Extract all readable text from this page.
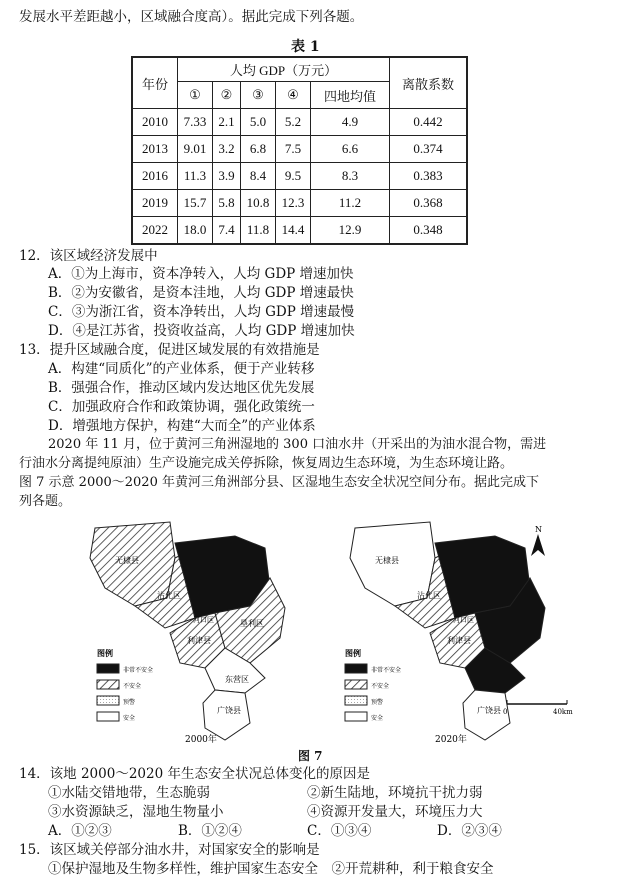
发展水平差距越小，区域融合度高）。据此完成下列各题。
表 1
年份	人均 GDP（万元）					离散系数
	①	②	③	④	四地均值	
2010	7.33	2.1	5.0	5.2	4.9	0.442
2013	9.01	3.2	6.8	7.5	6.6	0.374
2016	11.3	3.9	8.4	9.5	8.3	0.383
2019	15.7	5.8	10.8	12.3	11.2	0.368
2022	18.0	7.4	11.8	14.4	12.9	0.348
12．该区域经济发展中
A．①为上海市，资本净转入，人均 GDP 增速加快
B．②为安徽省，是资本洼地，人均 GDP 增速最快
C．③为浙江省，资本净转出，人均 GDP 增速最慢
D．④是江苏省，投资收益高，人均 GDP 增速加快
13．提升区域融合度，促进区域发展的有效措施是
A．构建“同质化”的产业体系，便于产业转移
B．强强合作，推动区域内发达地区优先发展
C．加强政府合作和政策协调，强化政策统一
D．增强地方保护，构建“大而全”的产业体系
2020 年 11 月，位于黄河三角洲湿地的 300 口油水井（开采出的为油水混合物，需进
行油水分离提纯原油）生产设施完成关停拆除，恢复周边生态环境，为生态环境让路。
图 7 示意 2000～2020 年黄河三角洲部分县、区湿地生态安全状况空间分布。据此完成下
列各题。
无棣县
沾化区
河口区
利津县
垦利区
东营区
广饶县
图例
非常不安全
不安全
预警
安全
2000年
无棣县
沾化区
河口区
利津县
广饶县
N
0	40km
图例
非常不安全
不安全
预警
安全
2020年
图 7
14．该地 2000～2020 年生态安全状况总体变化的原因是
①水陆交错地带，生态脆弱	②新生陆地，环境抗干扰力弱
③水资源缺乏，湿地生物量小	④资源开发量大，环境压力大
A．①②③	B．①②④	C．①③④	D．②③④
15．该区域关停部分油水井，对国家安全的影响是
①保护湿地及生物多样性，维护国家生态安全　②开荒耕种，利于粮食安全
